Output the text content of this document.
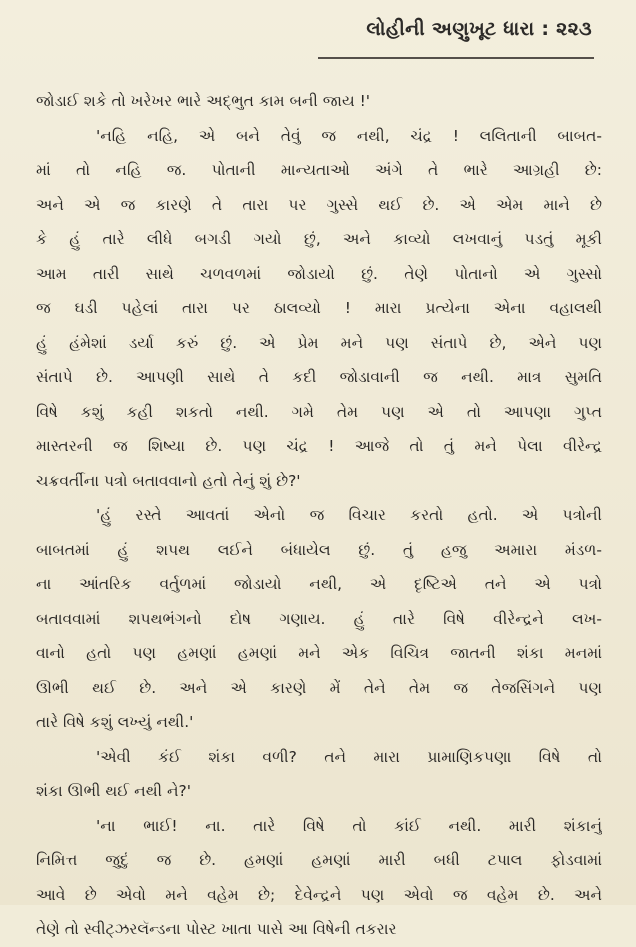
લોહીની અણુખૂટ ધારા : ૨૨૩
જોડાઈ શકે તો ખરેખર ભારે અદ્ભુત કામ બની જાય !'
'નહિ નહિ, એ બને તેવું જ નથી, ચંદ્ર ! લલિતાની બાબત-
માં તો નહિ જ. પોતાની માન્યતાઓ અંગે તે ભારે આગ્રહી છે:
અને એ જ કારણે તે તારા પર ગુસ્સે થઈ છે. એ એમ માને છે
કે હું તારે લીધે બગડી ગયો છું, અને કાવ્યો લખવાનું પડતું મૂકી
આમ તારી સાથે ચળવળમાં જોડાયો છું. તેણે પોતાનો એ ગુસ્સો
જ ઘડી પહેલાં તારા પર ઠાલવ્યો ! મારા પ્રત્યેના એના વહાલથી
હું હંમેશાં ડર્યા કરું છું. એ પ્રેમ મને પણ સંતાપે છે, એને પણ
સંતાપે છે. આપણી સાથે તે કદી જોડાવાની જ નથી. માત્ર સુમતિ
વિષે કશું કહી શકતો નથી. ગમે તેમ પણ એ તો આપણા ગુપ્ત
માસ્તરની જ શિષ્યા છે. પણ ચંદ્ર ! આજે તો તું મને પેલા વીરેન્દ્ર
ચક્રવર્તીના પત્રો બતાવવાનો હતો તેનું શું છે?'
'હું રસ્તે આવતાં એનો જ વિચાર કરતો હતો. એ પત્રોની
બાબતમાં હું શપથ લઈને બંધાયેલ છું. તું હજુ અમારા મંડળ-
ના આંતરિક વર્તુળમાં જોડાયો નથી, એ દૃષ્ટિએ તને એ પત્રો
બતાવવામાં શપથભંગનો દોષ ગણાય. હું તારે વિષે વીરેન્દ્રને લખ-
વાનો હતો પણ હમણાં હમણાં મને એક વિચિત્ર જાતની શંકા મનમાં
ઊભી થઈ છે. અને એ કારણે મેં તેને તેમ જ તેજસિંગને પણ
તારે વિષે કશું લખ્યું નથી.'
'એવી કંઈ શંકા વળી? તને મારા પ્રામાણિકપણા વિષે તો
શંકા ઊભી થઈ નથી ને?'
'ના ભાઈ! ના. તારે વિષે તો કાંઈ નથી. મારી શંકાનું
નિમિત્ત જુદું જ છે. હમણાં હમણાં મારી બધી ટપાલ ફોડવામાં
આવે છે એવો મને વહેમ છે; દેવેન્દ્રને પણ એવો જ વહેમ છે. અને
તેણે તો સ્વીટ્ઝરલૅન્ડના પોસ્ટ ખાતા પાસે આ વિષેની તકરાર
